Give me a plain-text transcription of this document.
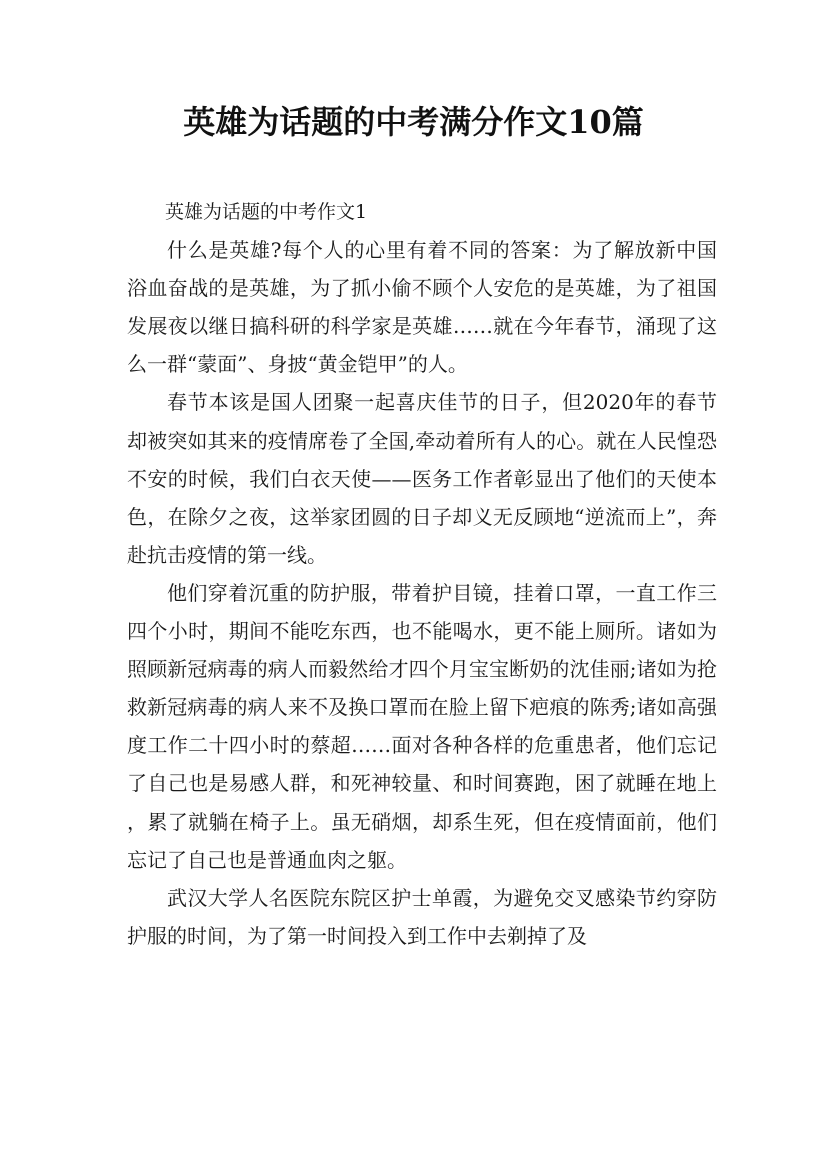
英雄为话题的中考满分作文10篇

英雄为话题的中考作文1

什么是英雄?每个人的心里有着不同的答案：为了解放新中国浴血奋战的是英雄，为了抓小偷不顾个人安危的是英雄，为了祖国发展夜以继日搞科研的科学家是英雄……就在今年春节，涌现了这么一群“蒙面”、身披“黄金铠甲”的人。

春节本该是国人团聚一起喜庆佳节的日子，但2020年的春节却被突如其来的疫情席卷了全国,牵动着所有人的心。就在人民惶恐不安的时候，我们白衣天使——医务工作者彰显出了他们的天使本色，在除夕之夜，这举家团圆的日子却义无反顾地“逆流而上”，奔赴抗击疫情的第一线。

他们穿着沉重的防护服，带着护目镜，挂着口罩，一直工作三四个小时，期间不能吃东西，也不能喝水，更不能上厕所。诸如为照顾新冠病毒的病人而毅然给才四个月宝宝断奶的沈佳丽;诸如为抢救新冠病毒的病人来不及换口罩而在脸上留下疤痕的陈秀;诸如高强度工作二十四小时的蔡超……面对各种各样的危重患者，他们忘记了自己也是易感人群，和死神较量、和时间赛跑，困了就睡在地上，累了就躺在椅子上。虽无硝烟，却系生死，但在疫情面前，他们忘记了自己也是普通血肉之躯。

武汉大学人名医院东院区护士单霞，为避免交叉感染节约穿防护服的时间，为了第一时间投入到工作中去剃掉了及
